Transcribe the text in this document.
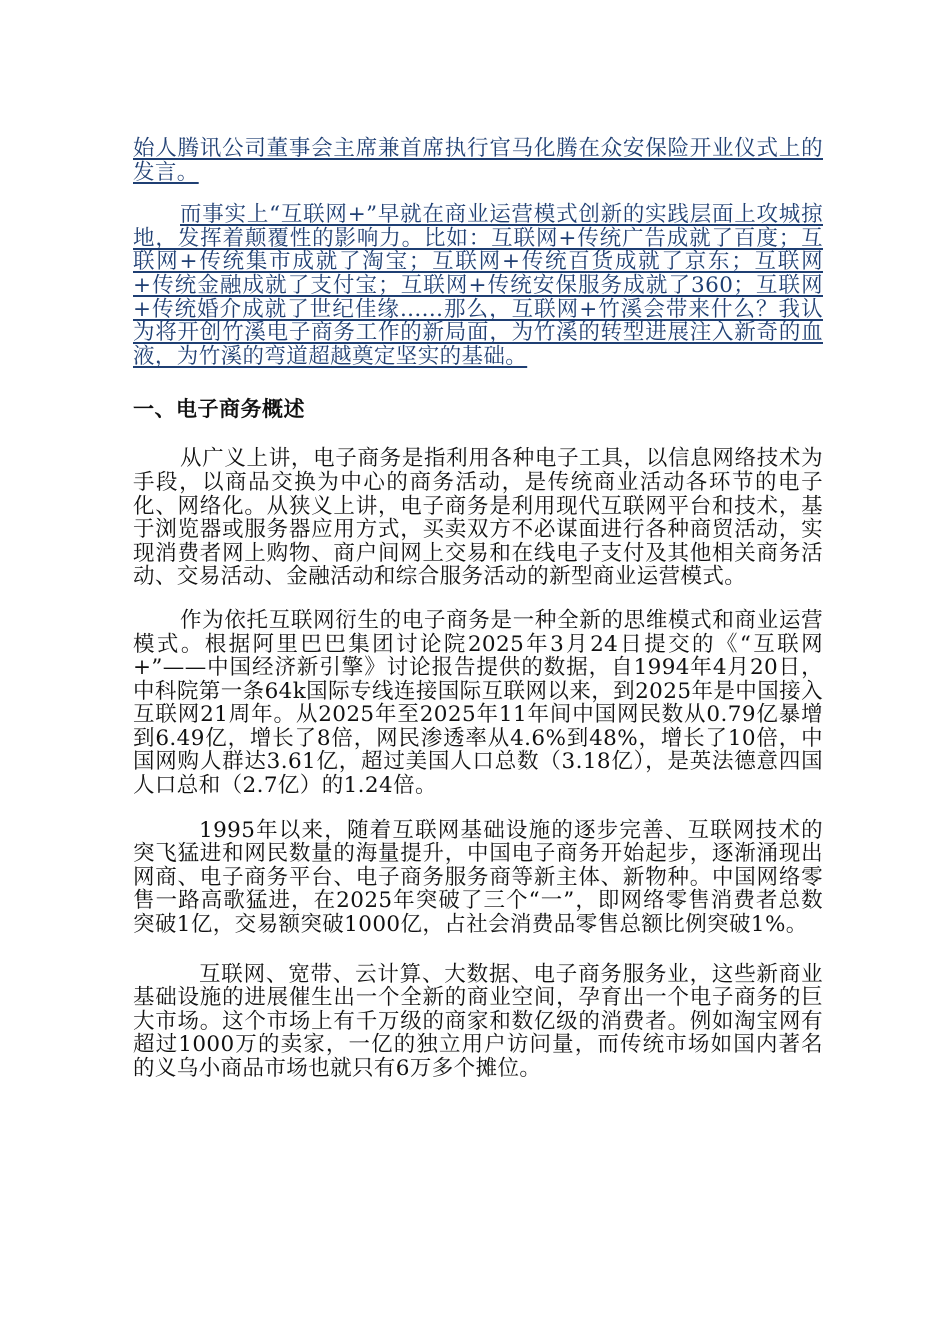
始人腾讯公司董事会主席兼首席执行官马化腾在众安保险开业仪式上的发言。

而事实上“互联网+”早就在商业运营模式创新的实践层面上攻城掠地，发挥着颠覆性的影响力。比如：互联网+传统广告成就了百度；互联网+传统集市成就了淘宝；互联网+传统百货成就了京东；互联网+传统金融成就了支付宝；互联网+传统安保服务成就了360；互联网+传统婚介成就了世纪佳缘......那么，互联网+竹溪会带来什么？我认为将开创竹溪电子商务工作的新局面，为竹溪的转型进展注入新奇的血液，为竹溪的弯道超越奠定坚实的基础。

一、电子商务概述

从广义上讲，电子商务是指利用各种电子工具，以信息网络技术为手段，以商品交换为中心的商务活动，是传统商业活动各环节的电子化、网络化。从狭义上讲，电子商务是利用现代互联网平台和技术，基于浏览器或服务器应用方式，买卖双方不必谋面进行各种商贸活动，实现消费者网上购物、商户间网上交易和在线电子支付及其他相关商务活动、交易活动、金融活动和综合服务活动的新型商业运营模式。

作为依托互联网衍生的电子商务是一种全新的思维模式和商业运营模式。根据阿里巴巴集团讨论院2025年3月24日提交的《“互联网+”——中国经济新引擎》讨论报告提供的数据，自1994年4月20日，中科院第一条64k国际专线连接国际互联网以来，到2025年是中国接入互联网21周年。从2025年至2025年11年间中国网民数从0.79亿暴增到6.49亿，增长了8倍，网民渗透率从4.6%到48%，增长了10倍，中国网购人群达3.61亿，超过美国人口总数（3.18亿），是英法德意四国人口总和（2.7亿）的1.24倍。

1995年以来，随着互联网基础设施的逐步完善、互联网技术的突飞猛进和网民数量的海量提升，中国电子商务开始起步，逐渐涌现出网商、电子商务平台、电子商务服务商等新主体、新物种。中国网络零售一路高歌猛进，在2025年突破了三个“一”，即网络零售消费者总数突破1亿，交易额突破1000亿，占社会消费品零售总额比例突破1%。

互联网、宽带、云计算、大数据、电子商务服务业，这些新商业基础设施的进展催生出一个全新的商业空间，孕育出一个电子商务的巨大市场。这个市场上有千万级的商家和数亿级的消费者。例如淘宝网有超过1000万的卖家，一亿的独立用户访问量，而传统市场如国内著名的义乌小商品市场也就只有6万多个摊位。
